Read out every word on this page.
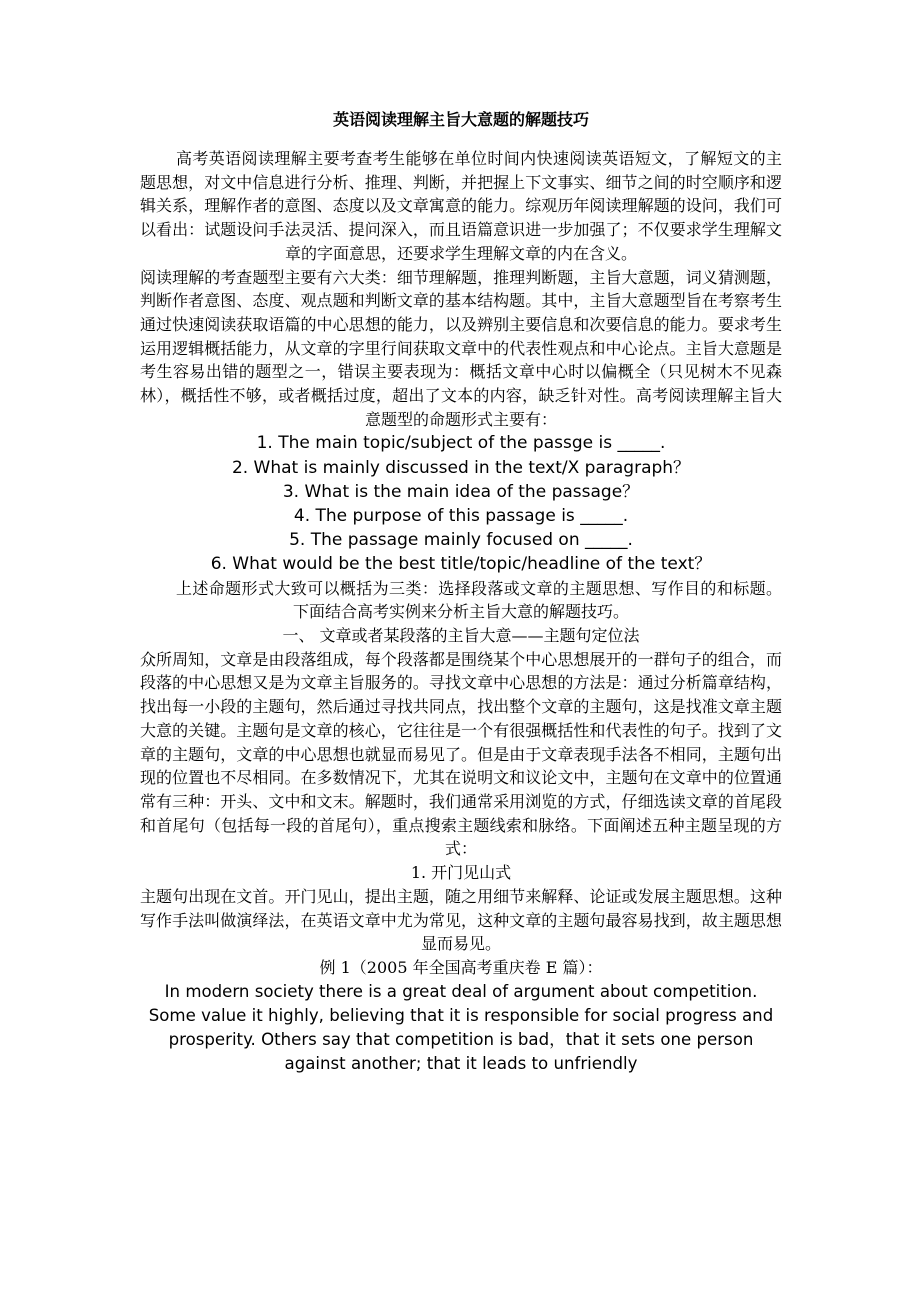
英语阅读理解主旨大意题的解题技巧

高考英语阅读理解主要考查考生能够在单位时间内快速阅读英语短文，了解短文的主题思想，对文中信息进行分析、推理、判断，并把握上下文事实、细节之间的时空顺序和逻辑关系，理解作者的意图、态度以及文章寓意的能力。综观历年阅读理解题的设问，我们可以看出：试题设问手法灵活、提问深入，而且语篇意识进一步加强了；不仅要求学生理解文章的字面意思，还要求学生理解文章的内在含义。

阅读理解的考查题型主要有六大类：细节理解题，推理判断题，主旨大意题，词义猜测题，判断作者意图、态度、观点题和判断文章的基本结构题。其中，主旨大意题型旨在考察考生通过快速阅读获取语篇的中心思想的能力，以及辨别主要信息和次要信息的能力。要求考生运用逻辑概括能力，从文章的字里行间获取文章中的代表性观点和中心论点。主旨大意题是考生容易出错的题型之一，错误主要表现为：概括文章中心时以偏概全（只见树木不见森林），概括性不够，或者概括过度，超出了文本的内容，缺乏针对性。高考阅读理解主旨大意题型的命题形式主要有：

1. The main topic/subject of the passge is _____.

2. What is mainly discussed in the text/X paragraph？

3. What is the main idea of the passage？

4. The purpose of this passage is _____.

5. The passage mainly focused on _____.

6. What would be the best title/topic/headline of the text？

上述命题形式大致可以概括为三类：选择段落或文章的主题思想、写作目的和标题。下面结合高考实例来分析主旨大意的解题技巧。

一、 文章或者某段落的主旨大意——主题句定位法

众所周知，文章是由段落组成，每个段落都是围绕某个中心思想展开的一群句子的组合，而段落的中心思想又是为文章主旨服务的。寻找文章中心思想的方法是：通过分析篇章结构，找出每一小段的主题句，然后通过寻找共同点，找出整个文章的主题句，这是找准文章主题大意的关键。主题句是文章的核心，它往往是一个有很强概括性和代表性的句子。找到了文章的主题句，文章的中心思想也就显而易见了。但是由于文章表现手法各不相同，主题句出现的位置也不尽相同。在多数情况下，尤其在说明文和议论文中，主题句在文章中的位置通常有三种：开头、文中和文末。解题时，我们通常采用浏览的方式，仔细选读文章的首尾段和首尾句（包括每一段的首尾句），重点搜索主题线索和脉络。下面阐述五种主题呈现的方式：

1. 开门见山式

主题句出现在文首。开门见山，提出主题，随之用细节来解释、论证或发展主题思想。这种写作手法叫做演绎法，在英语文章中尤为常见，这种文章的主题句最容易找到，故主题思想显而易见。

例 1（2005 年全国高考重庆卷 E 篇）：

In modern society there is a great deal of argument about competition. Some value it highly, believing that it is responsible for social progress and prosperity. Others say that competition is bad，that it sets one person against another; that it leads to unfriendly
